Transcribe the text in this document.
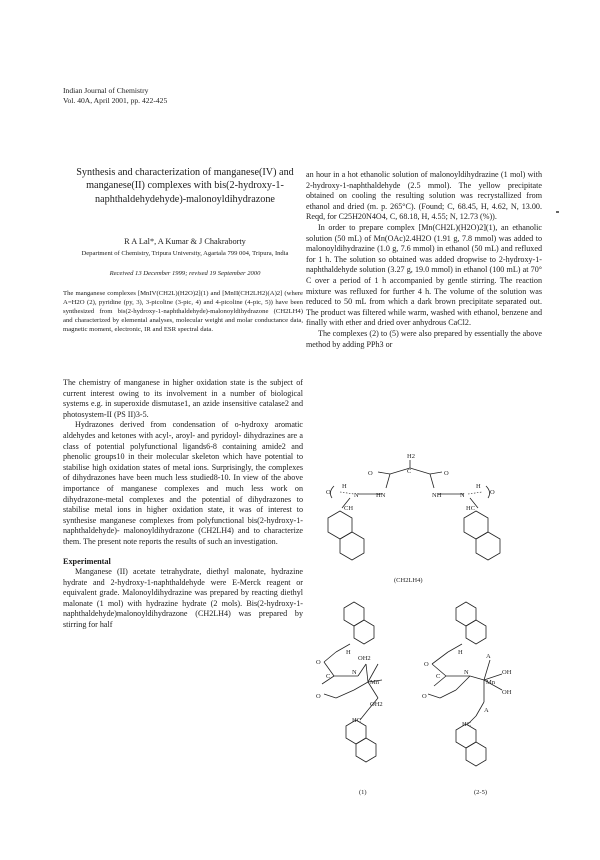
Indian Journal of Chemistry
Vol. 40A, April 2001, pp. 422-425
Synthesis and characterization of manganese(IV) and manganese(II) complexes with bis(2-hydroxy-1-naphthaldehydehyde)-malonoyldihydrazone
R A Lal*, A Kumar & J Chakraborty
Department of Chemistry, Tripura University, Agartala 799 004, Tripura, India
Received 13 December 1999; revised 19 September 2000
The manganese complexes [MnIV(CH2L)(H2O)2](1) and [MnII(CH2LH2)(A)2] (where A=H2O (2), pyridine (py, 3), 3-picoline (3-pic, 4) and 4-picoline (4-pic, 5)) have been synthesized from bis(2-hydroxy-1-naphthaldehyde)-malonoyldihydrazone (CH2LH4) and characterized by elemental analyses, molecular weight and molar conductance data, magnetic moment, electronic, IR and ESR spectral data.

The chemistry of manganese in higher oxidation state is the subject of current interest owing to its involvement in a number of biological systems e.g. in superoxide dismutase1, an azide insensitive catalase2 and photosystem-II (PS II)3-5.

Hydrazones derived from condensation of o-hydroxy aromatic aldehydes and ketones with acyl-, aroyl- and pyridoyl- dihydrazines are a class of potential polyfunctional ligands6-8 containing amide2 and phenolic groups10 in their molecular skeleton which have potential to stabilise high oxidation states of metal ions. Surprisingly, the complexes of dihydrazones have been much less studied8-10. In view of the above importance of manganese complexes and much less work on dihydrazone-metal complexes and the potential of dihydrazones to stabilise metal ions in higher oxidation state, it was of interest to synthesise manganese complexes from polyfunctional bis(2-hydroxy-1-naphthaldehyde)- malonoyldihydrazone (CH2LH4) and to characterize them. The present note reports the results of such an investigation.

Experimental

Manganese (II) acetate tetrahydrate, diethyl malonate, hydrazine hydrate and 2-hydroxy-1-naphthaldehyde were E-Merck reagent or equivalent grade. Malonoyldihydrazine was prepared by reacting diethyl malonate (1 mol) with hydrazine hydrate (2 mols). Bis(2-hydroxy-1-naphthaldehyde)malonoyldihydrazone (CH2LH4) was prepared by stirring for half

an hour in a hot ethanolic solution of malonoyldihydrazine (1 mol) with 2-hydroxy-1-naphthaldehyde (2.5 mmol). The yellow precipitate obtained on cooling the resulting solution was recrystallized from ethanol and dried (m. p. 265°C). (Found; C, 68.45, H, 4.62, N, 13.00. Reqd, for C25H20N4O4, C, 68.18, H, 4.55; N, 12.73 (%)).

In order to prepare complex [Mn(CH2L)(H2O)2](1), an ethanolic solution (50 mL) of Mn(OAc)2.4H2O (1.91 g, 7.8 mmol) was added to malonoyldihydrazine (1.0 g, 7.6 mmol) in ethanol (50 mL) and refluxed for 1 h. The solution so obtained was added dropwise to 2-hydroxy-1-naphthaldehyde solution (3.27 g, 19.0 mmol) in ethanol (100 mL) at 70° C over a period of 1 h accompanied by gentle stirring. The reaction mixture was refluxed for further 4 h. The volume of the solution was reduced to 50 mL from which a dark brown precipitate separated out. The product was filtered while warm, washed with ethanol, benzene and finally with ether and dried over anhydrous CaCl2.

The complexes (2) to (5) were also prepared by essentially the above method by adding PPh3 or

H2
C
O	O
HN	NH
N	N
O	O
H	H
CH	HC
(CH2LH4)
OH2
Mn
OH2
O
O
C
N
H
HC
(1)
A
Mn
A
OH
OH
O
O
C
N
H
HC
(2-5)
